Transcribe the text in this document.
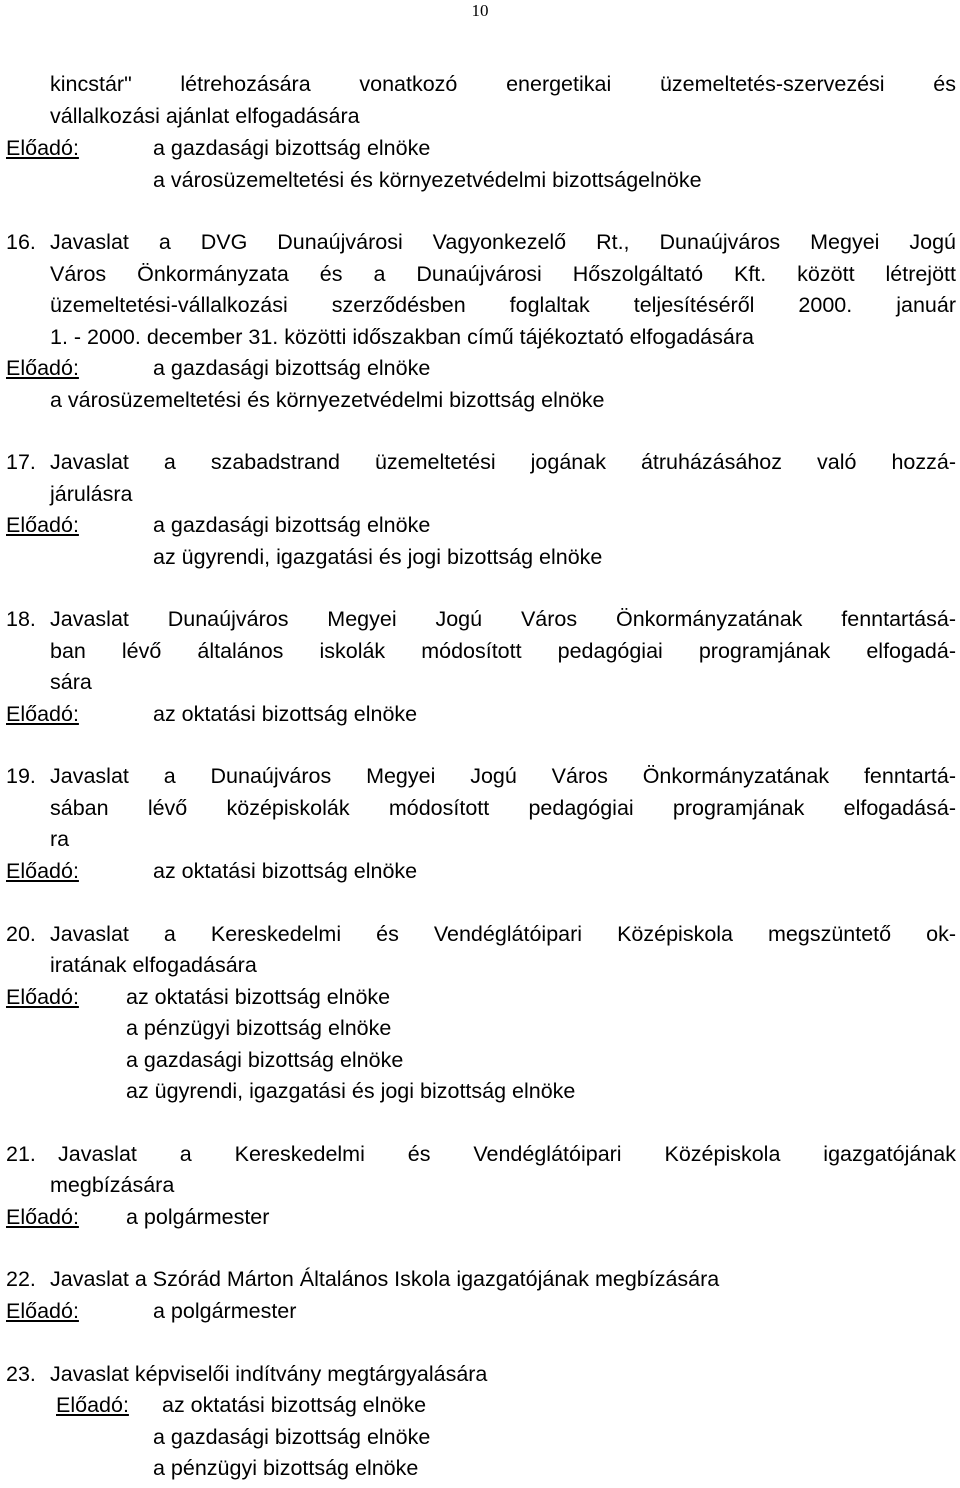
10
kincstár" létrehozására vonatkozó energetikai üzemeltetés-szervezési és
vállalkozási ajánlat elfogadására
Előadó:	a gazdasági bizottság elnöke
a városüzemeltetési és környezetvédelmi bizottságelnöke
16. Javaslat a DVG Dunaújvárosi Vagyonkezelő Rt., Dunaújváros Megyei Jogú
Város Önkormányzata és a Dunaújvárosi Hőszolgáltató Kft. között létrejött
üzemeltetési-vállalkozási szerződésben foglaltak teljesítéséről 2000. január
1. - 2000. december 31. közötti időszakban című tájékoztató elfogadására
Előadó:	a gazdasági bizottság elnöke
a városüzemeltetési és környezetvédelmi bizottság elnöke
17. Javaslat a szabadstrand üzemeltetési jogának átruházásához való hozzá-
járulásra
Előadó:	a gazdasági bizottság elnöke
az ügyrendi, igazgatási és jogi bizottság elnöke
18. Javaslat Dunaújváros Megyei Jogú Város Önkormányzatának fenntartásá-
ban lévő általános iskolák módosított pedagógiai programjának elfogadá-
sára
Előadó:	az oktatási bizottság elnöke
19. Javaslat a Dunaújváros Megyei Jogú Város Önkormányzatának fenntartá-
sában lévő középiskolák módosított pedagógiai programjának elfogadásá-
ra
Előadó:	az oktatási bizottság elnöke
20. Javaslat a Kereskedelmi és Vendéglátóipari Középiskola megszüntető ok-
iratának elfogadására
Előadó: az oktatási bizottság elnöke
a pénzügyi bizottság elnöke
a gazdasági bizottság elnöke
az ügyrendi, igazgatási és jogi bizottság elnöke
21. Javaslat a Kereskedelmi és Vendéglátóipari Középiskola igazgatójának
megbízására
Előadó: a polgármester
22. Javaslat a Szórád Márton Általános Iskola igazgatójának megbízására
Előadó:	a polgármester
23. Javaslat képviselői indítvány megtárgyalására
Előadó: az oktatási bizottság elnöke
a gazdasági bizottság elnöke
a pénzügyi bizottság elnöke
